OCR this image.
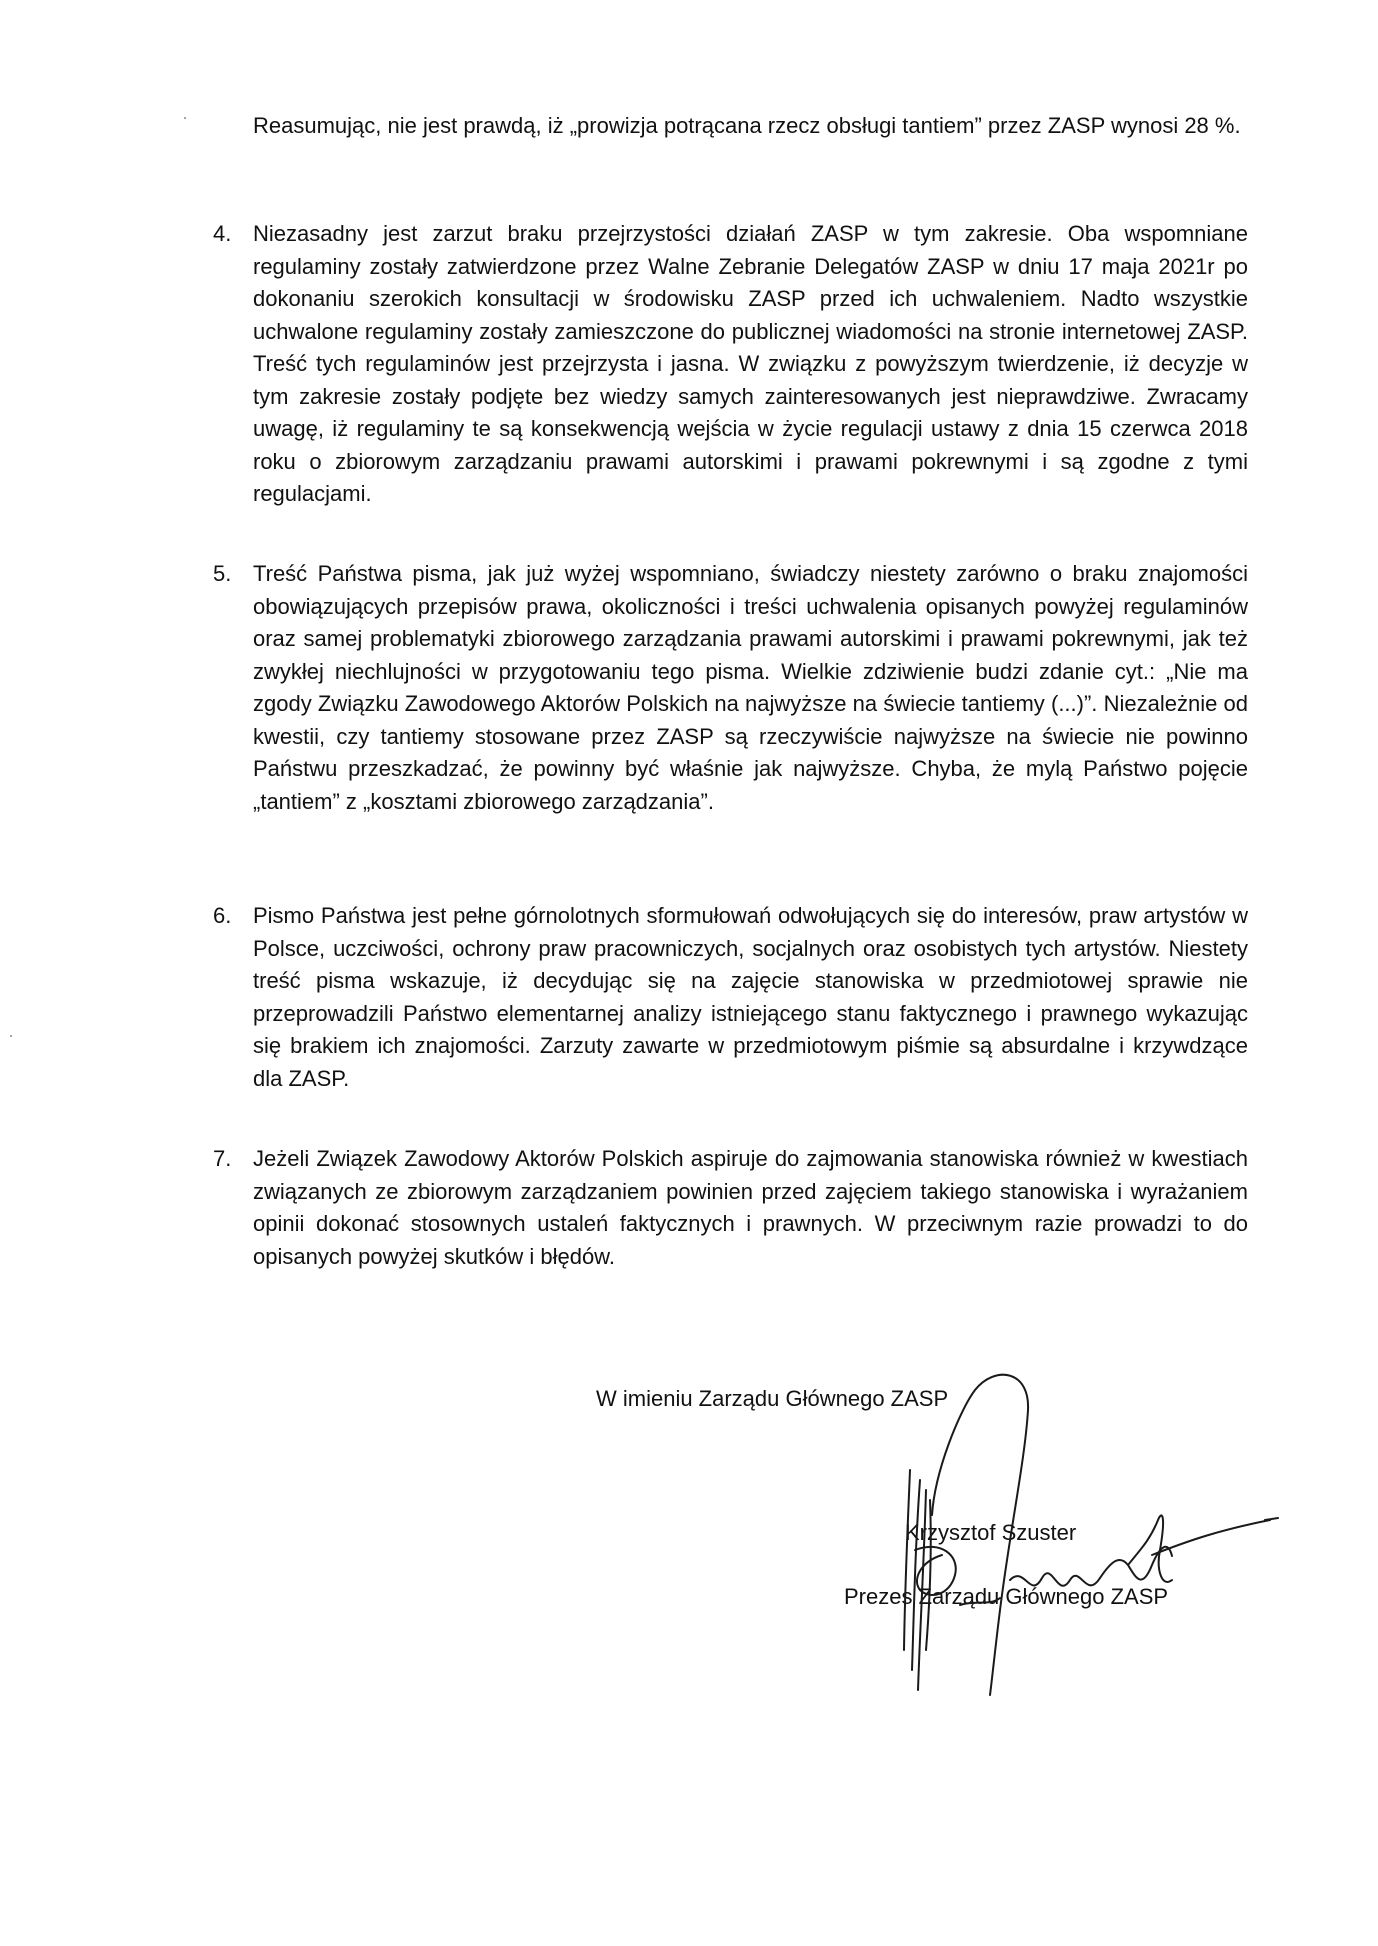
Reasumując, nie jest prawdą, iż „prowizja potrącana rzecz obsługi tantiem” przez ZASP wynosi 28 %.

4. Niezasadny jest zarzut braku przejrzystości działań ZASP w tym zakresie. Oba wspomniane regulaminy zostały zatwierdzone przez Walne Zebranie Delegatów ZASP w dniu 17 maja 2021r po dokonaniu szerokich konsultacji w środowisku ZASP przed ich uchwaleniem. Nadto wszystkie uchwalone regulaminy zostały zamieszczone do publicznej wiadomości na stronie internetowej ZASP. Treść tych regulaminów jest przejrzysta i jasna. W związku z powyższym twierdzenie, iż decyzje w tym zakresie zostały podjęte bez wiedzy samych zainteresowanych jest nieprawdziwe. Zwracamy uwagę, iż regulaminy te są konsekwencją wejścia w życie regulacji ustawy z dnia 15 czerwca 2018 roku o zbiorowym zarządzaniu prawami autorskimi i prawami pokrewnymi i są zgodne z tymi regulacjami.

5. Treść Państwa pisma, jak już wyżej wspomniano, świadczy niestety zarówno o braku znajomości obowiązujących przepisów prawa, okoliczności i treści uchwalenia opisanych powyżej regulaminów oraz samej problematyki zbiorowego zarządzania prawami autorskimi i prawami pokrewnymi, jak też zwykłej niechlujności w przygotowaniu tego pisma. Wielkie zdziwienie budzi zdanie cyt.: „Nie ma zgody Związku Zawodowego Aktorów Polskich na najwyższe na świecie tantiemy (...)”. Niezależnie od kwestii, czy tantiemy stosowane przez ZASP są rzeczywiście najwyższe na świecie nie powinno Państwu przeszkadzać, że powinny być właśnie jak najwyższe. Chyba, że mylą Państwo pojęcie „tantiem” z „kosztami zbiorowego zarządzania”.

6. Pismo Państwa jest pełne górnolotnych sformułowań odwołujących się do interesów, praw artystów w Polsce, uczciwości, ochrony praw pracowniczych, socjalnych oraz osobistych tych artystów. Niestety treść pisma wskazuje, iż decydując się na zajęcie stanowiska w przedmiotowej sprawie nie przeprowadzili Państwo elementarnej analizy istniejącego stanu faktycznego i prawnego wykazując się brakiem ich znajomości. Zarzuty zawarte w przedmiotowym piśmie są absurdalne i krzywdzące dla ZASP.

7. Jeżeli Związek Zawodowy Aktorów Polskich aspiruje do zajmowania stanowiska również w kwestiach związanych ze zbiorowym zarządzaniem powinien przed zajęciem takiego stanowiska i wyrażaniem opinii dokonać stosownych ustaleń faktycznych i prawnych. W przeciwnym razie prowadzi to do opisanych powyżej skutków i błędów.

W imieniu Zarządu Głównego ZASP
Krzysztof Szuster
Prezes Zarządu Głównego ZASP
